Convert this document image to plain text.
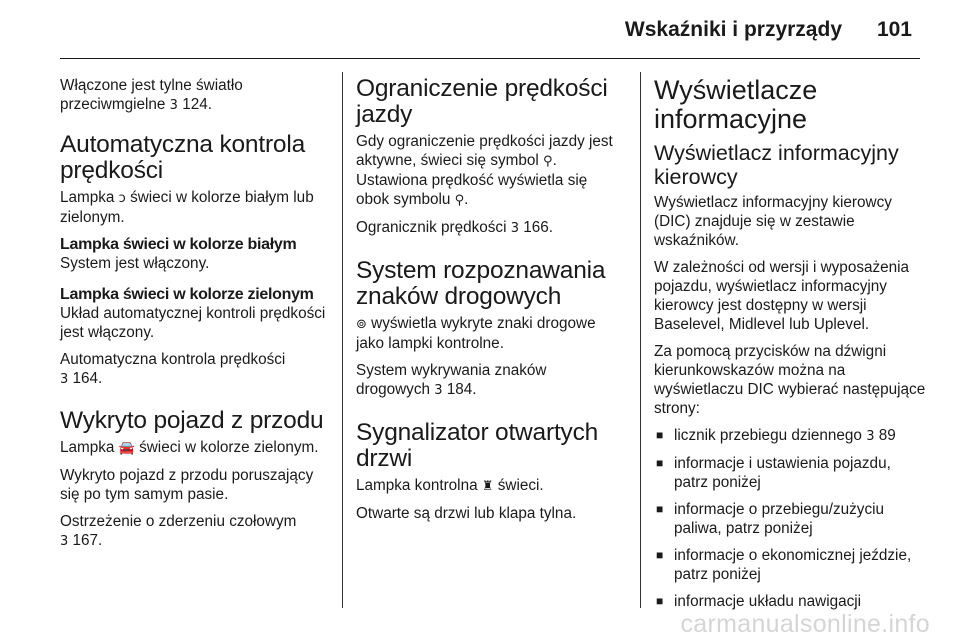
Wskaźniki i przyrządy 101

Włączone jest tylne światło przeciwmgielne 3 124.

Automatyczna kontrola prędkości

Lampka ↄ świeci w kolorze białym lub zielonym.

Lampka świeci w kolorze białym

System jest włączony.

Lampka świeci w kolorze zielonym

Układ automatycznej kontroli prędkości jest włączony.

Automatyczna kontrola prędkości
3 164.

Wykryto pojazd z przodu

Lampka 🚘 świeci w kolorze zielonym.

Wykryto pojazd z przodu poruszający się po tym samym pasie.

Ostrzeżenie o zderzeniu czołowym
3 167.

Ograniczenie prędkości jazdy

Gdy ograniczenie prędkości jazdy jest aktywne, świeci się symbol ⚲. Ustawiona prędkość wyświetla się obok symbolu ⚲.

Ogranicznik prędkości 3 166.

System rozpoznawania znaków drogowych

⊚ wyświetla wykryte znaki drogowe jako lampki kontrolne.

System wykrywania znaków drogowych 3 184.

Sygnalizator otwartych drzwi

Lampka kontrolna ♜ świeci.

Otwarte są drzwi lub klapa tylna.

Wyświetlacze informacyjne
Wyświetlacz informacyjny kierowcy

Wyświetlacz informacyjny kierowcy (DIC) znajduje się w zestawie wskaźników.

W zależności od wersji i wyposażenia pojazdu, wyświetlacz informacyjny kierowcy jest dostępny w wersji Baselevel, Midlevel lub Uplevel.

Za pomocą przycisków na dźwigni kierunkowskazów można na wyświetlaczu DIC wybierać następujące strony:

■ licznik przebiegu dziennego 3 89
■ informacje i ustawienia pojazdu, patrz poniżej
■ informacje o przebiegu/zużyciu paliwa, patrz poniżej
■ informacje o ekonomicznej jeździe, patrz poniżej
■ informacje układu nawigacji
carmanualsonline.info
